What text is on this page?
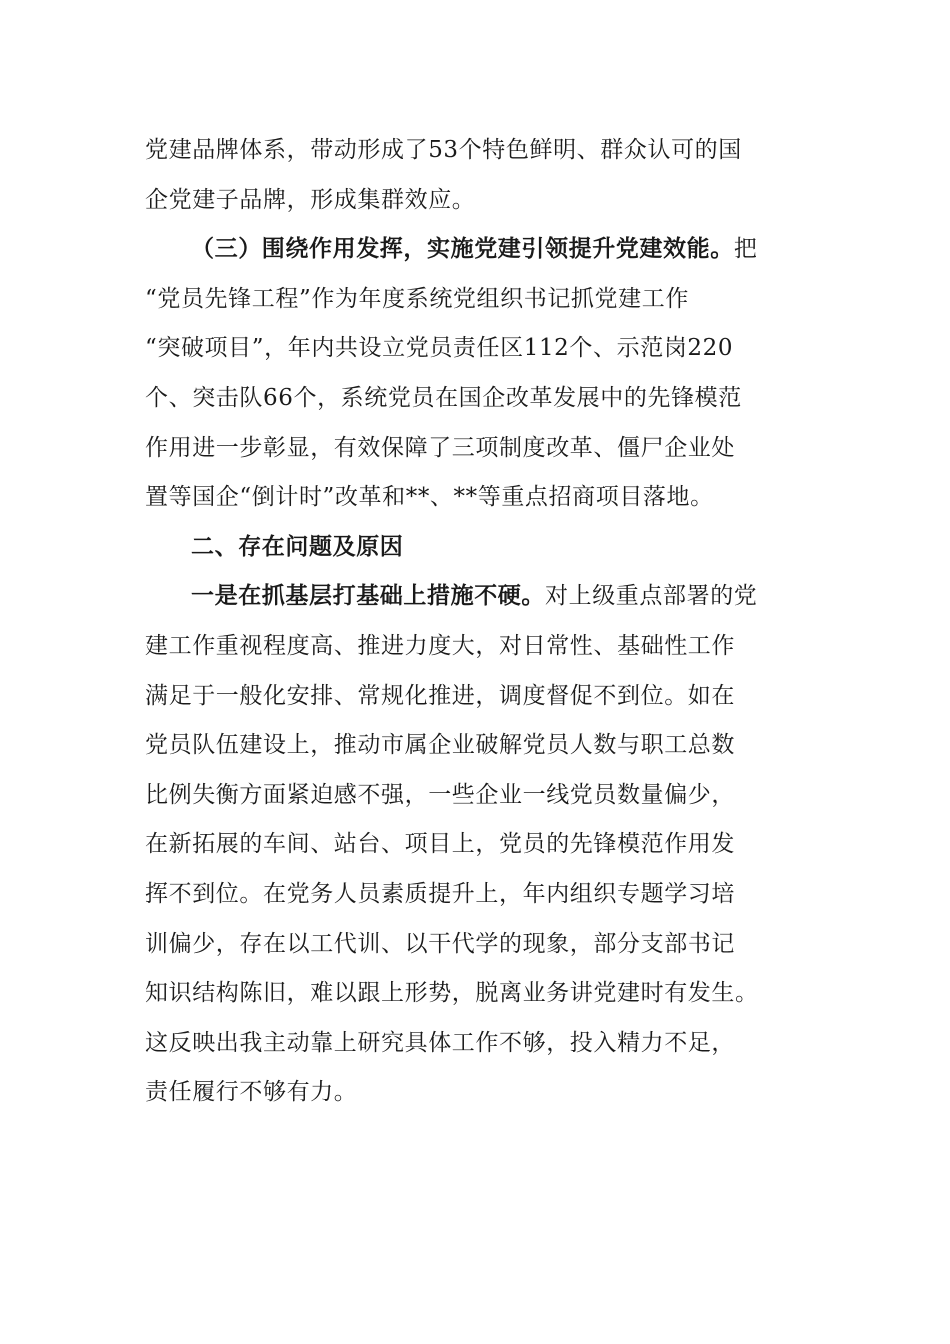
党建品牌体系，带动形成了53个特色鲜明、群众认可的国
企党建子品牌，形成集群效应。
（三）围绕作用发挥，实施党建引领提升党建效能。把
“党员先锋工程”作为年度系统党组织书记抓党建工作
“突破项目”，年内共设立党员责任区112个、示范岗220
个、突击队66个，系统党员在国企改革发展中的先锋模范
作用进一步彰显，有效保障了三项制度改革、僵尸企业处
置等国企“倒计时”改革和**、**等重点招商项目落地。
二、存在问题及原因
一是在抓基层打基础上措施不硬。对上级重点部署的党
建工作重视程度高、推进力度大，对日常性、基础性工作
满足于一般化安排、常规化推进，调度督促不到位。如在
党员队伍建设上，推动市属企业破解党员人数与职工总数
比例失衡方面紧迫感不强，一些企业一线党员数量偏少，
在新拓展的车间、站台、项目上，党员的先锋模范作用发
挥不到位。在党务人员素质提升上，年内组织专题学习培
训偏少，存在以工代训、以干代学的现象，部分支部书记
知识结构陈旧，难以跟上形势，脱离业务讲党建时有发生。
这反映出我主动靠上研究具体工作不够，投入精力不足，
责任履行不够有力。
